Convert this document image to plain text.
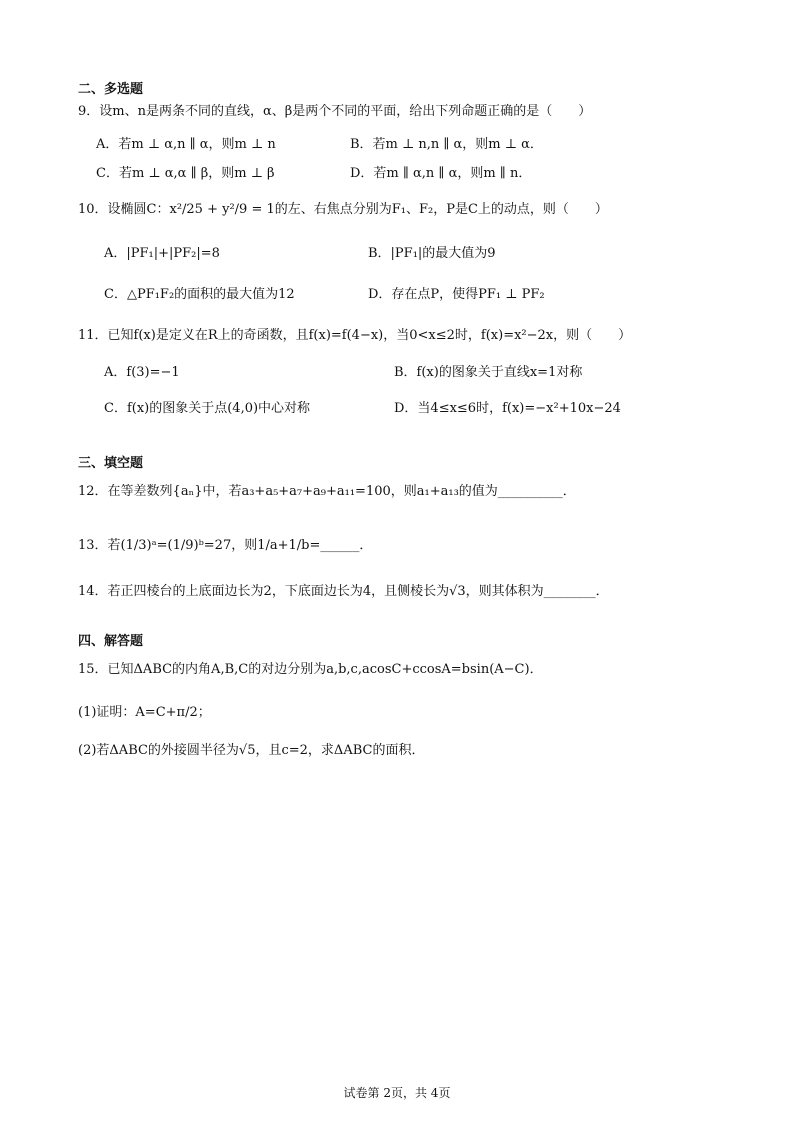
二、多选题
9．设m、n是两条不同的直线，α、β是两个不同的平面，给出下列命题正确的是（　　）
A．若m ⊥ α,n ∥ α，则m ⊥ n	B．若m ⊥ n,n ∥ α，则m ⊥ α．
C．若m ⊥ α,α ∥ β，则m ⊥ β	D．若m ∥ α,n ∥ α，则m ∥ n．
10．设椭圆C：x²/25 + y²/9 = 1的左、右焦点分别为F₁、F₂，P是C上的动点，则（　　）
A．|PF₁|+|PF₂|=8	B．|PF₁|的最大值为9
C．△PF₁F₂的面积的最大值为12	D．存在点P，使得PF₁ ⊥ PF₂
11．已知f(x)是定义在R上的奇函数，且f(x)=f(4−x)，当0<x≤2时，f(x)=x²−2x，则（　　）
A．f(3)=−1	B．f(x)的图象关于直线x=1对称
C．f(x)的图象关于点(4,0)中心对称	D．当4≤x≤6时，f(x)=−x²+10x−24
三、填空题
12．在等差数列{aₙ}中，若a₃+a₅+a₇+a₉+a₁₁=100，则a₁+a₁₃的值为__________．
13．若(1/3)ᵃ=(1/9)ᵇ=27，则1/a+1/b=______．
14．若正四棱台的上底面边长为2，下底面边长为4，且侧棱长为√3，则其体积为________．
四、解答题
15．已知ΔABC的内角A,B,C的对边分别为a,b,c,acosC+ccosA=bsin(A−C)．
(1)证明：A=C+π/2；
(2)若ΔABC的外接圆半径为√5，且c=2，求ΔABC的面积．
试卷第 2页，共 4页
